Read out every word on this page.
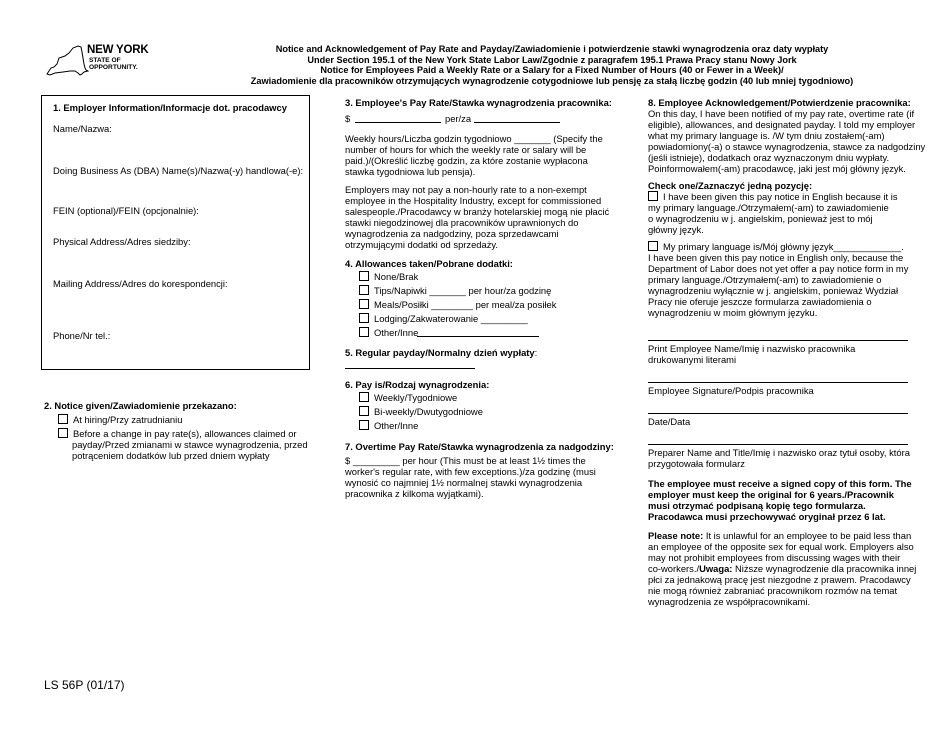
NEW YORK
STATE OF
OPPORTUNITY.
Notice and Acknowledgement of Pay Rate and Payday/Zawiadomienie i potwierdzenie stawki wynagrodzenia oraz daty wypłaty
Under Section 195.1 of the New York State Labor Law/Zgodnie z paragrafem 195.1 Prawa Pracy stanu Nowy Jork
Notice for Employees Paid a Weekly Rate or a Salary for a Fixed Number of Hours (40 or Fewer in a Week)/
Zawiadomienie dla pracowników otrzymujących wynagrodzenie cotygodniowe lub pensję za stałą liczbę godzin (40 lub mniej tygodniowo)
1. Employer Information/Informacje dot. pracodawcy
Name/Nazwa:
Doing Business As (DBA) Name(s)/Nazwa(-y) handlowa(-e):
FEIN (optional)/FEIN (opcjonalnie):
Physical Address/Adres siedziby:
Mailing Address/Adres do korespondencji:
Phone/Nr tel.:
2. Notice given/Zawiadomienie przekazano:
At hiring/Przy zatrudnianiu
Before a change in pay rate(s), allowances claimed or
payday/Przed zmianami w stawce wynagrodzenia, przed
potrąceniem dodatków lub przed dniem wypłaty
LS 56P (01/17)
3. Employee's Pay Rate/Stawka wynagrodzenia pracownika:
$	per/za
Weekly hours/Liczba godzin tygodniowo _______ (Specify the
number of hours for which the weekly rate or salary will be
paid.)/(Określić liczbę godzin, za które zostanie wypłacona
stawka tygodniowa lub pensja).
Employers may not pay a non-hourly rate to a non-exempt
employee in the Hospitality Industry, except for commissioned
salespeople./Pracodawcy w branży hotelarskiej mogą nie płacić
stawki niegodzinowej dla pracowników uprawnionych do
wynagrodzenia za nadgodziny, poza sprzedawcami
otrzymującymi dodatki od sprzedaży.
4. Allowances taken/Pobrane dodatki:
None/Brak
Tips/Napiwki _______ per hour/za godzinę
Meals/Posiłki ________ per meal/za posiłek
Lodging/Zakwaterowanie _________
Other/Inne
5. Regular payday/Normalny dzień wypłaty:
6. Pay is/Rodzaj wynagrodzenia:
Weekly/Tygodniowe
Bi-weekly/Dwutygodniowe
Other/Inne
7. Overtime Pay Rate/Stawka wynagrodzenia za nadgodziny:
$ _________ per hour (This must be at least 1½ times the
worker's regular rate, with few exceptions.)/za godzinę (musi
wynosić co najmniej 1½ normalnej stawki wynagrodzenia
pracownika z kilkoma wyjątkami).
8. Employee Acknowledgement/Potwierdzenie pracownika:
On this day, I have been notified of my pay rate, overtime rate (if
eligible), allowances, and designated payday. I told my employer
what my primary language is. /W tym dniu zostałem(-am)
powiadomiony(-a) o stawce wynagrodzenia, stawce za nadgodziny
(jeśli istnieje), dodatkach oraz wyznaczonym dniu wypłaty.
Poinformowałem(-am) pracodawcę, jaki jest mój główny język.
Check one/Zaznaczyć jedną pozycję:
I have been given this pay notice in English because it is
my primary language./Otrzymałem(-am) to zawiadomienie
o wynagrodzeniu w j. angielskim, ponieważ jest to mój
główny język.
My primary language is/Mój główny język_____________.
I have been given this pay notice in English only, because the
Department of Labor does not yet offer a pay notice form in my
primary language./Otrzymałem(-am) to zawiadomienie o
wynagrodzeniu wyłącznie w j. angielskim, ponieważ Wydział
Pracy nie oferuje jeszcze formularza zawiadomienia o
wynagrodzeniu w moim głównym języku.
Print Employee Name/Imię i nazwisko pracownika
drukowanymi literami
Employee Signature/Podpis pracownika
Date/Data
Preparer Name and Title/Imię i nazwisko oraz tytuł osoby, która
przygotowała formularz
The employee must receive a signed copy of this form. The
employer must keep the original for 6 years./Pracownik
musi otrzymać podpisaną kopię tego formularza.
Pracodawca musi przechowywać oryginał przez 6 lat.
Please note: It is unlawful for an employee to be paid less than
an employee of the opposite sex for equal work. Employers also
may not prohibit employees from discussing wages with their
co-workers./Uwaga: Niższe wynagrodzenie dla pracownika innej
płci za jednakową pracę jest niezgodne z prawem. Pracodawcy
nie mogą również zabraniać pracownikom rozmów na temat
wynagrodzenia ze współpracownikami.
